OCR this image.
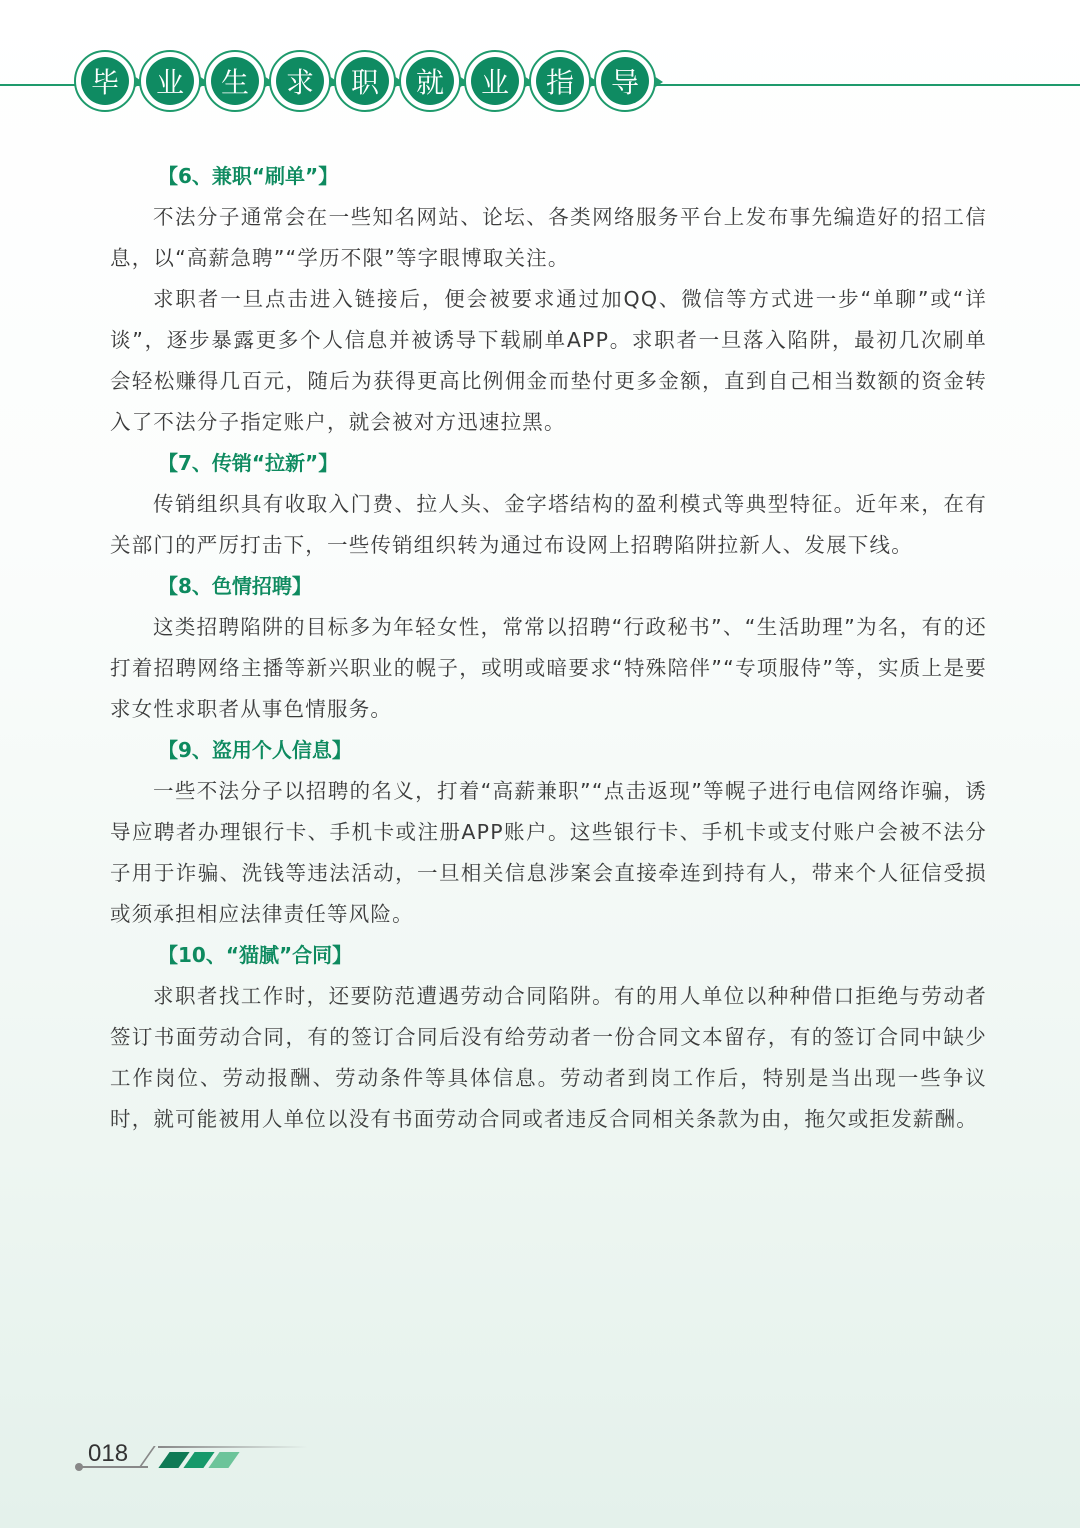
毕	业	生	求	职	就	业	指	导
【6、兼职“刷单”】

不法分子通常会在一些知名网站、论坛、各类网络服务平台上发布事先编造好的招工信息，以“高薪急聘”“学历不限”等字眼博取关注。

求职者一旦点击进入链接后，便会被要求通过加QQ、微信等方式进一步“单聊”或“详谈”，逐步暴露更多个人信息并被诱导下载刷单APP。求职者一旦落入陷阱，最初几次刷单会轻松赚得几百元，随后为获得更高比例佣金而垫付更多金额，直到自己相当数额的资金转入了不法分子指定账户，就会被对方迅速拉黑。

【7、传销“拉新”】

传销组织具有收取入门费、拉人头、金字塔结构的盈利模式等典型特征。近年来，在有关部门的严厉打击下，一些传销组织转为通过布设网上招聘陷阱拉新人、发展下线。

【8、色情招聘】

这类招聘陷阱的目标多为年轻女性，常常以招聘“行政秘书”、“生活助理”为名，有的还打着招聘网络主播等新兴职业的幌子，或明或暗要求“特殊陪伴”“专项服侍”等，实质上是要求女性求职者从事色情服务。

【9、盗用个人信息】

一些不法分子以招聘的名义，打着“高薪兼职”“点击返现”等幌子进行电信网络诈骗，诱导应聘者办理银行卡、手机卡或注册APP账户。这些银行卡、手机卡或支付账户会被不法分子用于诈骗、洗钱等违法活动，一旦相关信息涉案会直接牵连到持有人，带来个人征信受损或须承担相应法律责任等风险。

【10、“猫腻”合同】

求职者找工作时，还要防范遭遇劳动合同陷阱。有的用人单位以种种借口拒绝与劳动者签订书面劳动合同，有的签订合同后没有给劳动者一份合同文本留存，有的签订合同中缺少工作岗位、劳动报酬、劳动条件等具体信息。劳动者到岗工作后，特别是当出现一些争议时，就可能被用人单位以没有书面劳动合同或者违反合同相关条款为由，拖欠或拒发薪酬。

018
